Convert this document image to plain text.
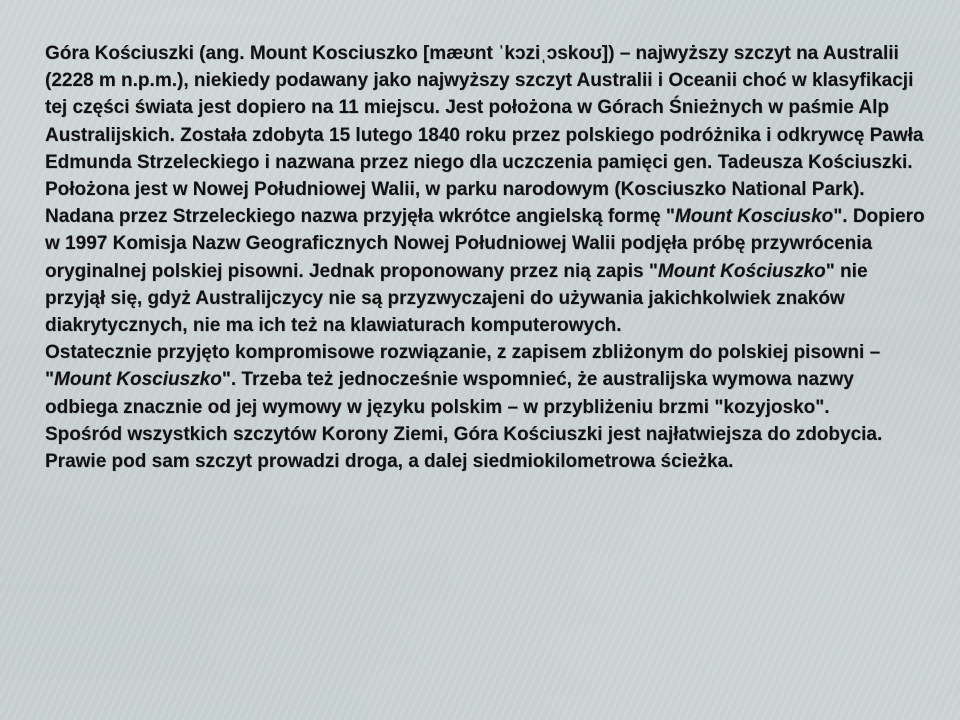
Góra Kościuszki (ang. Mount Kosciuszko [mæʊnt ˈkɔziˌɔskoʊ]) – najwyższy szczyt na Australii (2228 m n.p.m.), niekiedy podawany jako najwyższy szczyt Australii i Oceanii choć w klasyfikacji tej części świata jest dopiero na 11 miejscu. Jest położona w Górach Śnieżnych w paśmie Alp Australijskich. Została zdobyta 15 lutego 1840 roku przez polskiego podróżnika i odkrywcę Pawła Edmunda Strzeleckiego i nazwana przez niego dla uczczenia pamięci gen. Tadeusza Kościuszki. Położona jest w Nowej Południowej Walii, w parku narodowym (Kosciuszko National Park).

Nadana przez Strzeleckiego nazwa przyjęła wkrótce angielską formę "Mount Kosciusko". Dopiero w 1997 Komisja Nazw Geograficznych Nowej Południowej Walii podjęła próbę przywrócenia oryginalnej polskiej pisowni. Jednak proponowany przez nią zapis "Mount Kościuszko" nie przyjął się, gdyż Australijczycy nie są przyzwyczajeni do używania jakichkolwiek znaków diakrytycznych, nie ma ich też na klawiaturach komputerowych.

Ostatecznie przyjęto kompromisowe rozwiązanie, z zapisem zbliżonym do polskiej pisowni – "Mount Kosciuszko". Trzeba też jednocześnie wspomnieć, że australijska wymowa nazwy odbiega znacznie od jej wymowy w języku polskim – w przybliżeniu brzmi "kozyjosko".

Spośród wszystkich szczytów Korony Ziemi, Góra Kościuszki jest najłatwiejsza do zdobycia. Prawie pod sam szczyt prowadzi droga, a dalej siedmiokilometrowa ścieżka.
